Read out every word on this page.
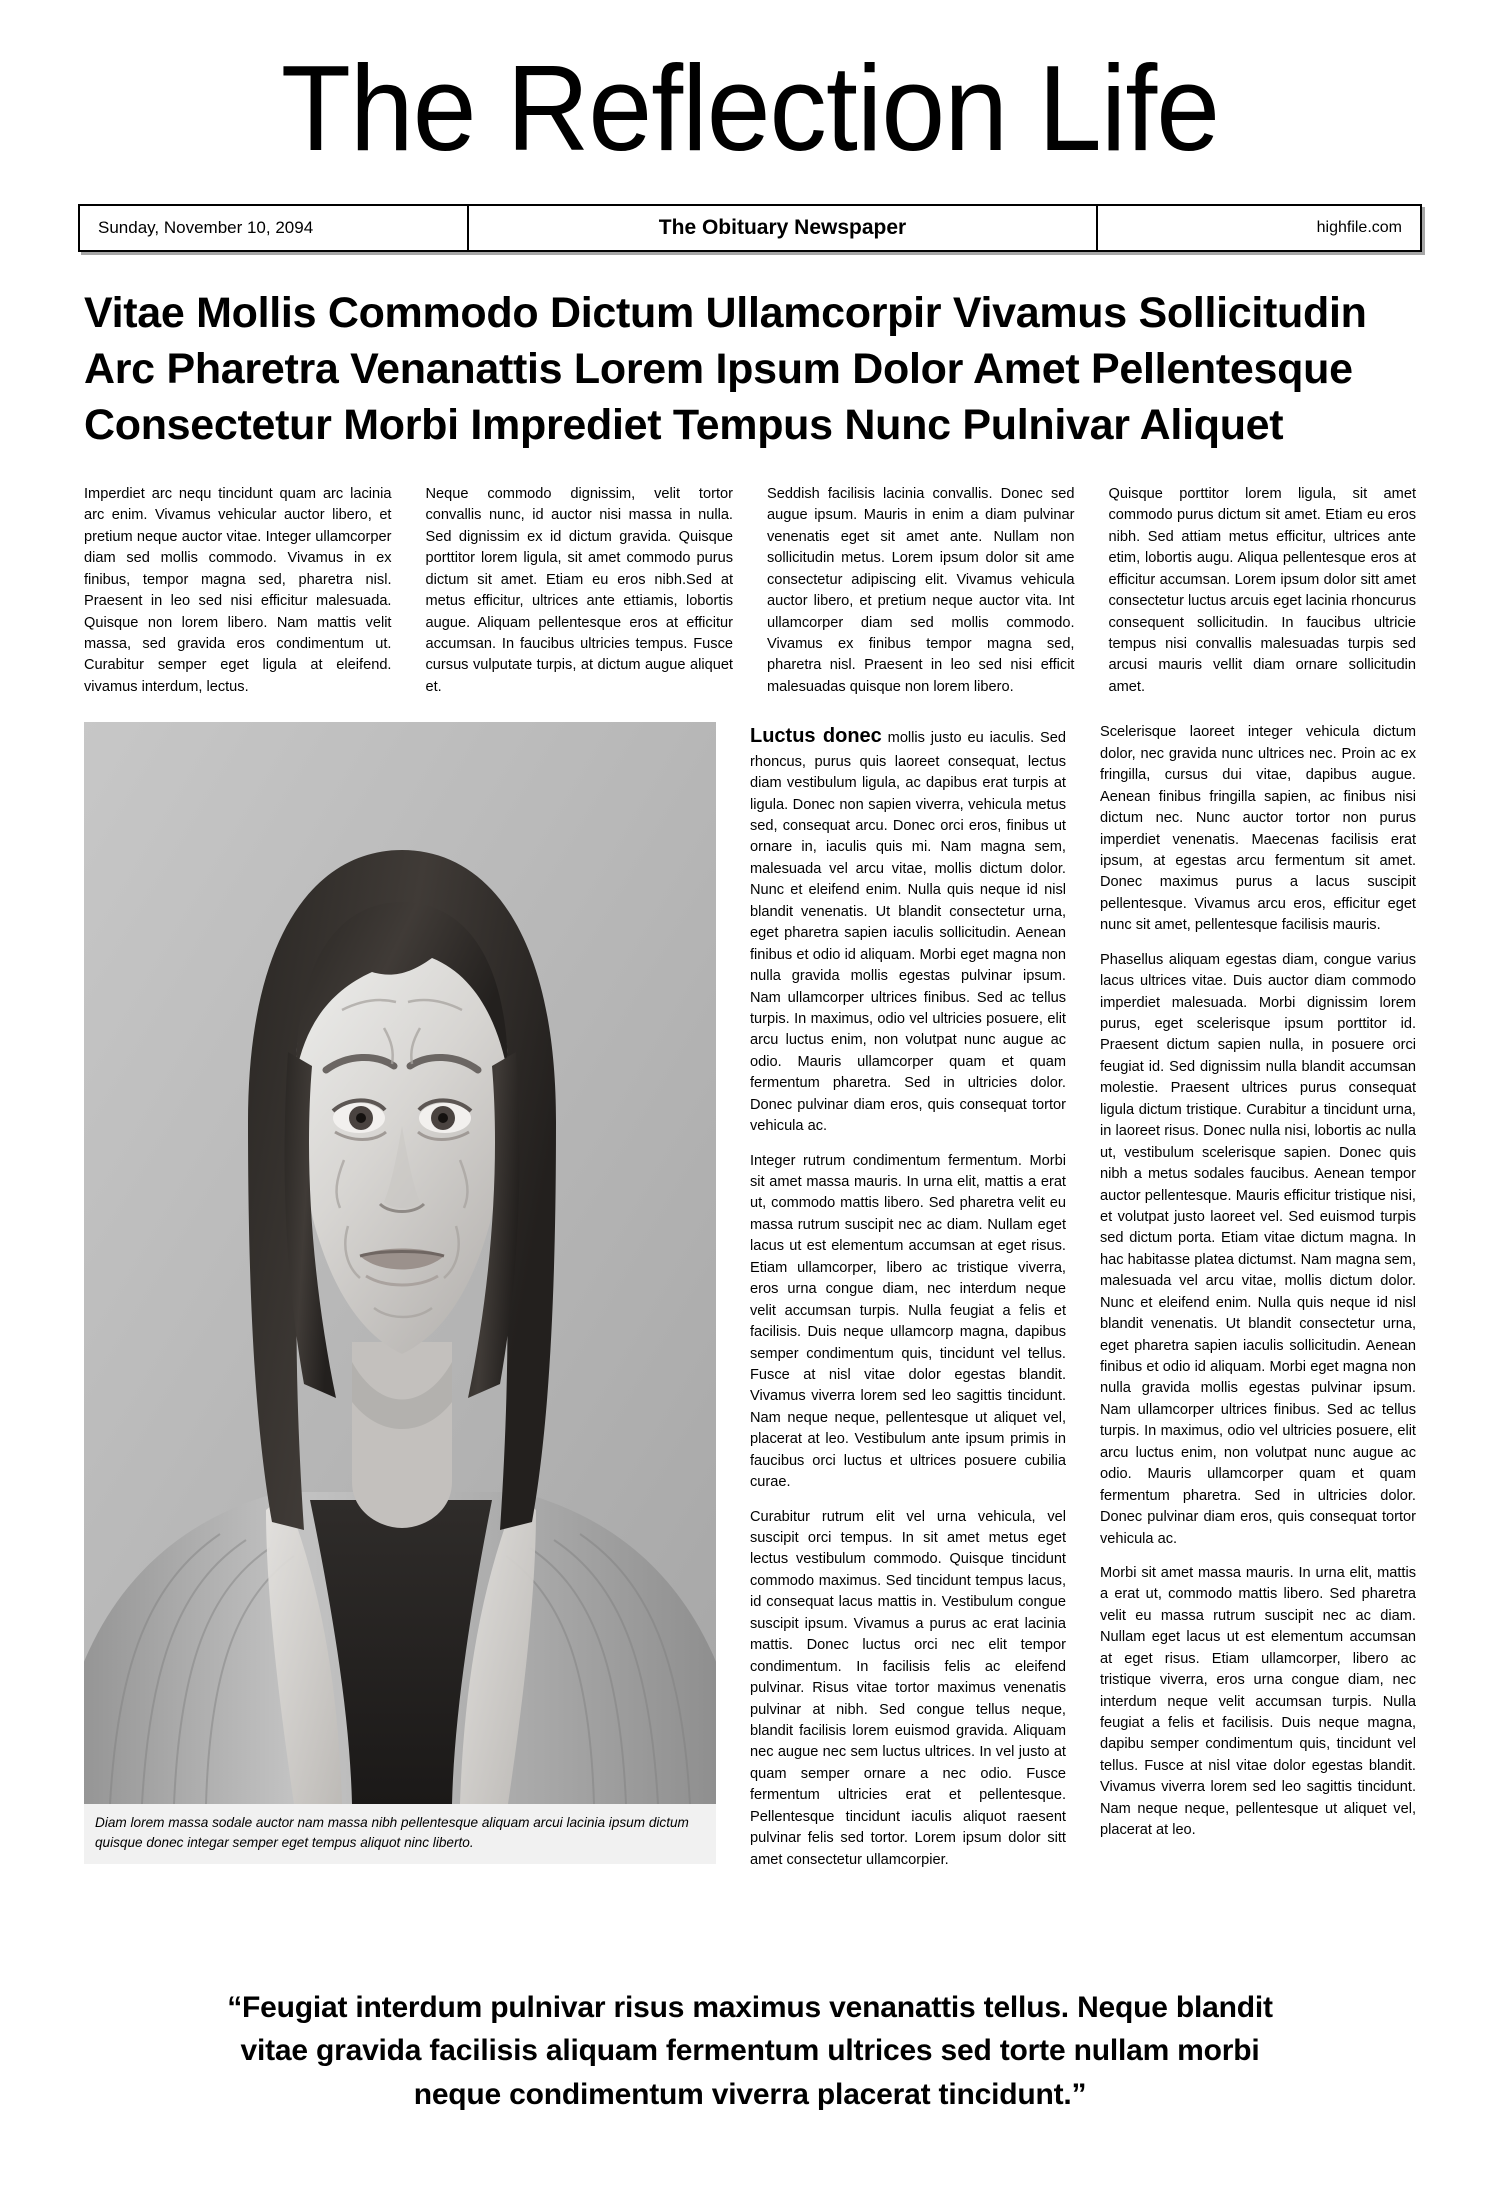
The Reflection Life
Sunday, November 10, 2094	The Obituary Newspaper	highfile.com
Vitae Mollis Commodo Dictum Ullamcorpir Vivamus Sollicitudin
Arc Pharetra Venanattis Lorem Ipsum Dolor Amet Pellentesque
Consectetur Morbi Imprediet Tempus Nunc Pulnivar Aliquet

Imperdiet arc nequ tincidunt quam arc lacinia arc enim. Vivamus vehicular auctor libero, et pretium neque auctor vitae. Integer ullamcorper diam sed mollis commodo. Vivamus in ex finibus, tempor magna sed, pharetra nisl. Praesent in leo sed nisi efficitur malesuada. Quisque non lorem libero. Nam mattis velit massa, sed gravida eros condimentum ut. Curabitur semper eget ligula at eleifend. vivamus interdum, lectus.

Neque commodo dignissim, velit tortor convallis nunc, id auctor nisi massa in nulla. Sed dignissim ex id dictum gravida. Quisque porttitor lorem ligula, sit amet commodo purus dictum sit amet. Etiam eu eros nibh.Sed at metus efficitur, ultrices ante ettiamis, lobortis augue. Aliquam pellentesque eros at efficitur accumsan. In faucibus ultricies tempus. Fusce cursus vulputate turpis, at dictum augue aliquet et.

Seddish facilisis lacinia convallis. Donec sed augue ipsum. Mauris in enim a diam pulvinar venenatis eget sit amet ante. Nullam non sollicitudin metus. Lorem ipsum dolor sit ame consectetur adipiscing elit. Vivamus vehicula auctor libero, et pretium neque auctor vita. Int ullamcorper diam sed mollis commodo. Vivamus ex finibus tempor magna sed, pharetra nisl. Praesent in leo sed nisi efficit malesuadas quisque non lorem libero.

Quisque porttitor lorem ligula, sit amet commodo purus dictum sit amet. Etiam eu eros nibh. Sed attiam metus efficitur, ultrices ante etim, lobortis augu. Aliqua pellentesque eros at efficitur accumsan. Lorem ipsum dolor sitt amet consectetur luctus arcuis eget lacinia rhoncurus consequent sollicitudin. In faucibus ultricie tempus nisi convallis malesuadas turpis sed arcusi mauris vellit diam ornare sollicitudin amet.

Diam lorem massa sodale auctor nam massa nibh pellentesque aliquam arcui lacinia ipsum dictum quisque donec integar semper eget tempus aliquot ninc liberto.

Luctus donec mollis justo eu iaculis. Sed rhoncus, purus quis laoreet consequat, lectus diam vestibulum ligula, ac dapibus erat turpis at ligula. Donec non sapien viverra, vehicula metus sed, consequat arcu. Donec orci eros, finibus ut ornare in, iaculis quis mi. Nam magna sem, malesuada vel arcu vitae, mollis dictum dolor. Nunc et eleifend enim. Nulla quis neque id nisl blandit venenatis. Ut blandit consectetur urna, eget pharetra sapien iaculis sollicitudin. Aenean finibus et odio id aliquam. Morbi eget magna non nulla gravida mollis egestas pulvinar ipsum. Nam ullamcorper ultrices finibus. Sed ac tellus turpis. In maximus, odio vel ultricies posuere, elit arcu luctus enim, non volutpat nunc augue ac odio. Mauris ullamcorper quam et quam fermentum pharetra. Sed in ultricies dolor. Donec pulvinar diam eros, quis consequat tortor vehicula ac.

Integer rutrum condimentum fermentum. Morbi sit amet massa mauris. In urna elit, mattis a erat ut, commodo mattis libero. Sed pharetra velit eu massa rutrum suscipit nec ac diam. Nullam eget lacus ut est elementum accumsan at eget risus. Etiam ullamcorper, libero ac tristique viverra, eros urna congue diam, nec interdum neque velit accumsan turpis. Nulla feugiat a felis et facilisis. Duis neque ullamcorp magna, dapibus semper condimentum quis, tincidunt vel tellus. Fusce at nisl vitae dolor egestas blandit. Vivamus viverra lorem sed leo sagittis tincidunt. Nam neque neque, pellentesque ut aliquet vel, placerat at leo. Vestibulum ante ipsum primis in faucibus orci luctus et ultrices posuere cubilia curae.

Curabitur rutrum elit vel urna vehicula, vel suscipit orci tempus. In sit amet metus eget lectus vestibulum commodo. Quisque tincidunt commodo maximus. Sed tincidunt tempus lacus, id consequat lacus mattis in. Vestibulum congue suscipit ipsum. Vivamus a purus ac erat lacinia mattis. Donec luctus orci nec elit tempor condimentum. In facilisis felis ac eleifend pulvinar. Risus vitae tortor maximus venenatis pulvinar at nibh. Sed congue tellus neque, blandit facilisis lorem euismod gravida. Aliquam nec augue nec sem luctus ultrices. In vel justo at quam semper ornare a nec odio. Fusce fermentum ultricies erat et pellentesque. Pellentesque tincidunt iaculis aliquot raesent pulvinar felis sed tortor. Lorem ipsum dolor sitt amet consectetur ullamcorpier.

Scelerisque laoreet integer vehicula dictum dolor, nec gravida nunc ultrices nec. Proin ac ex fringilla, cursus dui vitae, dapibus augue. Aenean finibus fringilla sapien, ac finibus nisi dictum nec. Nunc auctor tortor non purus imperdiet venenatis. Maecenas facilisis erat ipsum, at egestas arcu fermentum sit amet. Donec maximus purus a lacus suscipit pellentesque. Vivamus arcu eros, efficitur eget nunc sit amet, pellentesque facilisis mauris.

Phasellus aliquam egestas diam, congue varius lacus ultrices vitae. Duis auctor diam commodo imperdiet malesuada. Morbi dignissim lorem purus, eget scelerisque ipsum porttitor id. Praesent dictum sapien nulla, in posuere orci feugiat id. Sed dignissim nulla blandit accumsan molestie. Praesent ultrices purus consequat ligula dictum tristique. Curabitur a tincidunt urna, in laoreet risus. Donec nulla nisi, lobortis ac nulla ut, vestibulum scelerisque sapien. Donec quis nibh a metus sodales faucibus. Aenean tempor auctor pellentesque. Mauris efficitur tristique nisi, et volutpat justo laoreet vel. Sed euismod turpis sed dictum porta. Etiam vitae dictum magna. In hac habitasse platea dictumst. Nam magna sem, malesuada vel arcu vitae, mollis dictum dolor. Nunc et eleifend enim. Nulla quis neque id nisl blandit venenatis. Ut blandit consectetur urna, eget pharetra sapien iaculis sollicitudin. Aenean finibus et odio id aliquam. Morbi eget magna non nulla gravida mollis egestas pulvinar ipsum. Nam ullamcorper ultrices finibus. Sed ac tellus turpis. In maximus, odio vel ultricies posuere, elit arcu luctus enim, non volutpat nunc augue ac odio. Mauris ullamcorper quam et quam fermentum pharetra. Sed in ultricies dolor. Donec pulvinar diam eros, quis consequat tortor vehicula ac.

Morbi sit amet massa mauris. In urna elit, mattis a erat ut, commodo mattis libero. Sed pharetra velit eu massa rutrum suscipit nec ac diam. Nullam eget lacus ut est elementum accumsan at eget risus. Etiam ullamcorper, libero ac tristique viverra, eros urna congue diam, nec interdum neque velit accumsan turpis. Nulla feugiat a felis et facilisis. Duis neque magna, dapibu semper condimentum quis, tincidunt vel tellus. Fusce at nisl vitae dolor egestas blandit. Vivamus viverra lorem sed leo sagittis tincidunt. Nam neque neque, pellentesque ut aliquet vel, placerat at leo.

“Feugiat interdum pulnivar risus maximus venanattis tellus. Neque blandit
vitae gravida facilisis aliquam fermentum ultrices sed torte nullam morbi
neque condimentum viverra placerat tincidunt.”
